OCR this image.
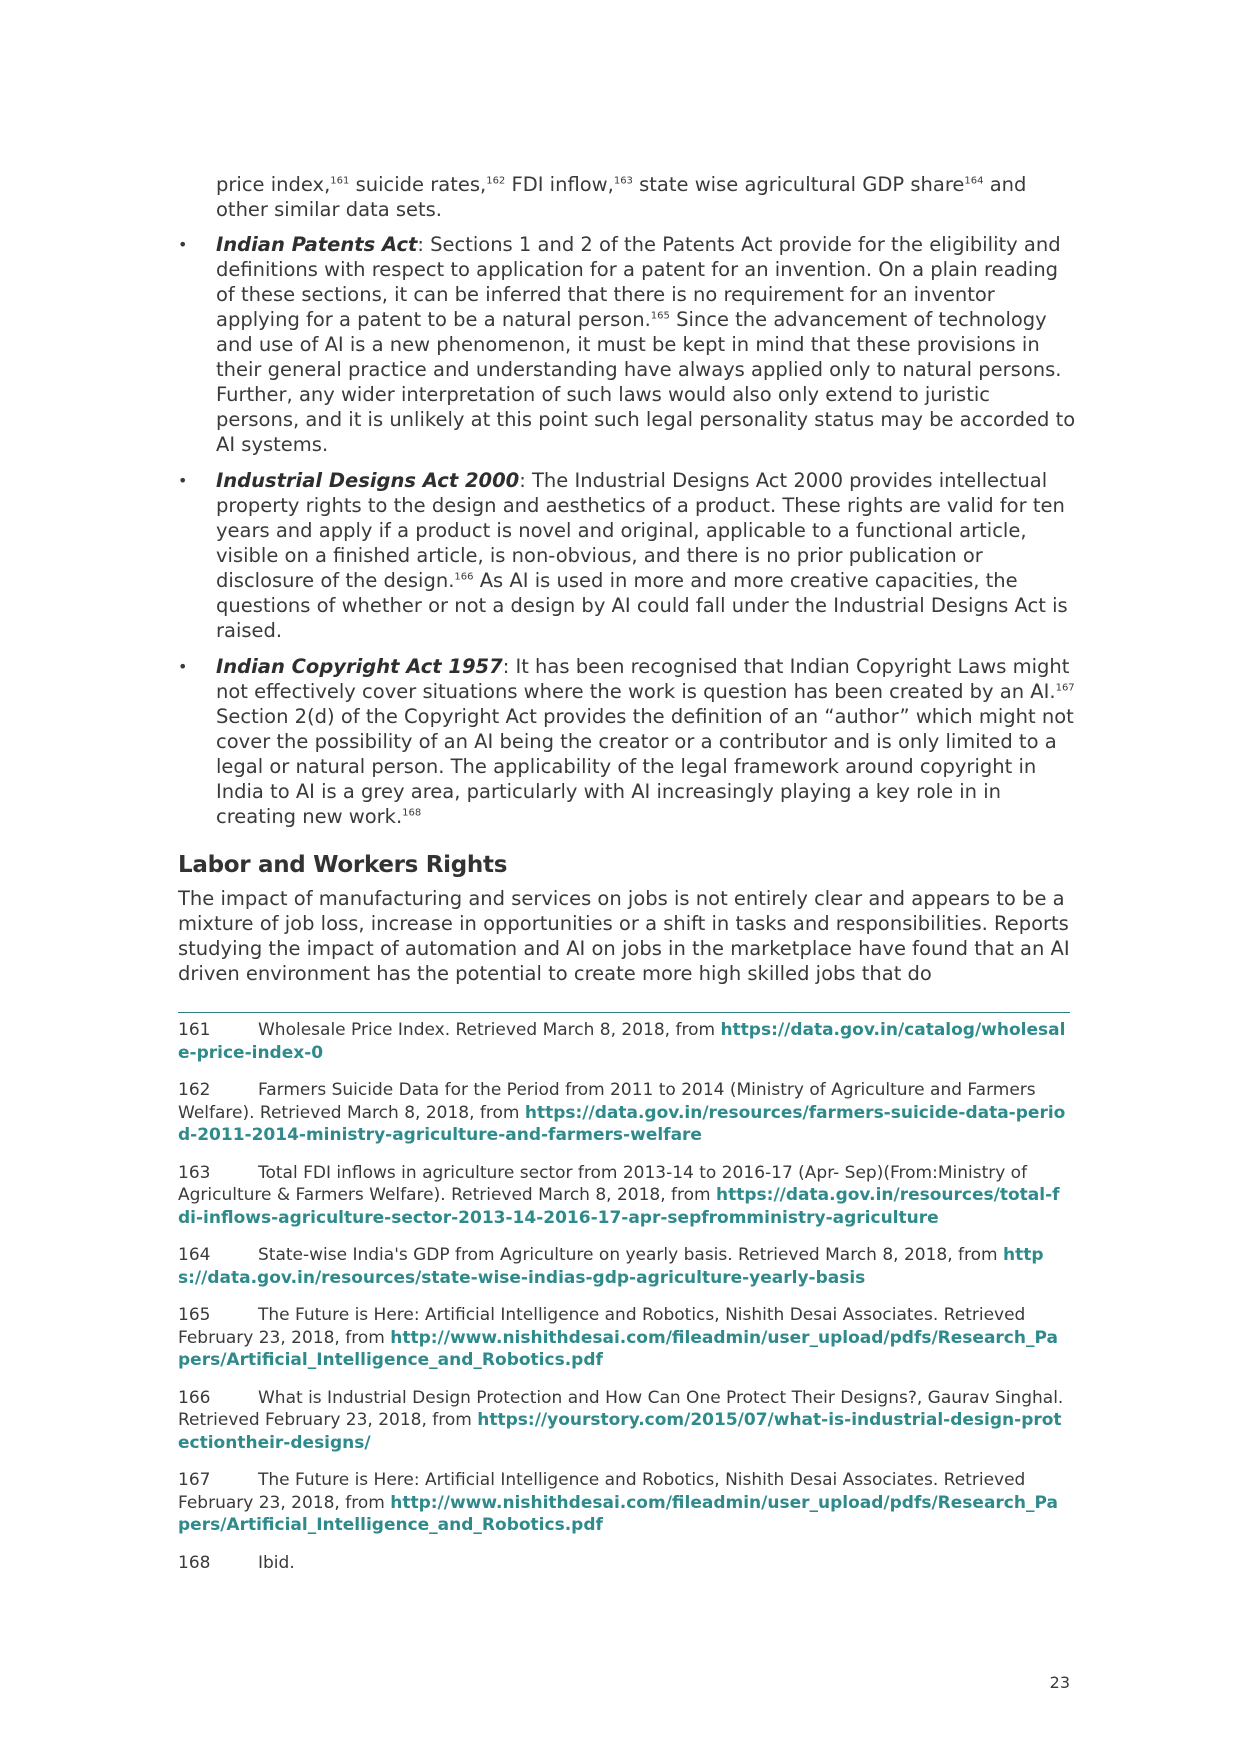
price index,$^{161}$ suicide rates,$^{162}$ FDI inflow,$^{163}$ state wise agricultural GDP share$^{164}$ and other similar data sets.
• Indian Patents Act: Sections 1 and 2 of the Patents Act provide for the eligibility and definitions with respect to application for a patent for an invention. On a plain reading of these sections, it can be inferred that there is no requirement for an inventor applying for a patent to be a natural person.$^{165}$ Since the advancement of technology and use of AI is a new phenomenon, it must be kept in mind that these provisions in their general practice and understanding have always applied only to natural persons. Further, any wider interpretation of such laws would also only extend to juristic persons, and it is unlikely at this point such legal personality status may be accorded to AI systems.
• Industrial Designs Act 2000: The Industrial Designs Act 2000 provides intellectual property rights to the design and aesthetics of a product. These rights are valid for ten years and apply if a product is novel and original, applicable to a functional article, visible on a finished article, is non-obvious, and there is no prior publication or disclosure of the design.$^{166}$ As AI is used in more and more creative capacities, the questions of whether or not a design by AI could fall under the Industrial Designs Act is raised.
• Indian Copyright Act 1957: It has been recognised that Indian Copyright Laws might not effectively cover situations where the work is question has been created by an AI.$^{167}$ Section 2(d) of the Copyright Act provides the definition of an “author” which might not cover the possibility of an AI being the creator or a contributor and is only limited to a legal or natural person. The applicability of the legal framework around copyright in India to AI is a grey area, particularly with AI increasingly playing a key role in in creating new work.$^{168}$
Labor and Workers Rights

The impact of manufacturing and services on jobs is not entirely clear and appears to be a mixture of job loss, increase in opportunities or a shift in tasks and responsibilities. Reports studying the impact of automation and AI on jobs in the marketplace have found that an AI driven environment has the potential to create more high skilled jobs that do

161	Wholesale Price Index. Retrieved March 8, 2018, from https://data.gov.in/catalog/wholesale-price-index-0

162	Farmers Suicide Data for the Period from 2011 to 2014 (Ministry of Agriculture and Farmers Welfare). Retrieved March 8, 2018, from https://data.gov.in/resources/farmers-suicide-data-period-2011-2014-ministry-agriculture-and-farmers-welfare

163	Total FDI inflows in agriculture sector from 2013-14 to 2016-17 (Apr- Sep)(From:Ministry of Agriculture & Farmers Welfare). Retrieved March 8, 2018, from https://data.gov.in/resources/total-fdi-inflows-agriculture-sector-2013-14-2016-17-apr-sepfromministry-agriculture

164	State-wise India's GDP from Agriculture on yearly basis. Retrieved March 8, 2018, from https://data.gov.in/resources/state-wise-indias-gdp-agriculture-yearly-basis

165	The Future is Here: Artificial Intelligence and Robotics, Nishith Desai Associates. Retrieved February 23, 2018, from http://www.nishithdesai.com/fileadmin/user_upload/pdfs/Research_Papers/Artificial_Intelligence_and_Robotics.pdf

166	What is Industrial Design Protection and How Can One Protect Their Designs?, Gaurav Singhal. Retrieved February 23, 2018, from https://yourstory.com/2015/07/what-is-industrial-design-protectiontheir-designs/

167	The Future is Here: Artificial Intelligence and Robotics, Nishith Desai Associates. Retrieved February 23, 2018, from http://www.nishithdesai.com/fileadmin/user_upload/pdfs/Research_Papers/Artificial_Intelligence_and_Robotics.pdf

168	Ibid.

23
